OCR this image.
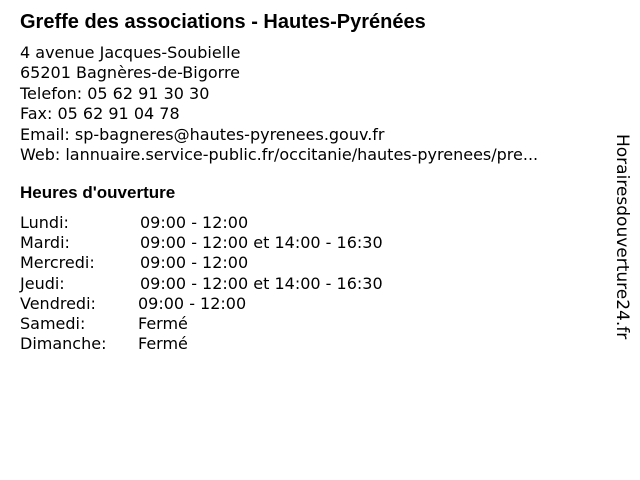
Greffe des associations - Hautes-Pyrénées
4 avenue Jacques-Soubielle
65201 Bagnères-de-Bigorre
Telefon: 05 62 91 30 30
Fax: 05 62 91 04 78
Email: sp-bagneres@hautes-pyrenees.gouv.fr
Web: lannuaire.service-public.fr/occitanie/hautes-pyrenees/pre...
Heures d'ouverture
Lundi:	09:00 - 12:00
Mardi:	09:00 - 12:00 et 14:00 - 16:30
Mercredi:	09:00 - 12:00
Jeudi:	09:00 - 12:00 et 14:00 - 16:30
Vendredi:	09:00 - 12:00
Samedi:	Fermé
Dimanche: Fermé
Horairesdouverture24.fr
